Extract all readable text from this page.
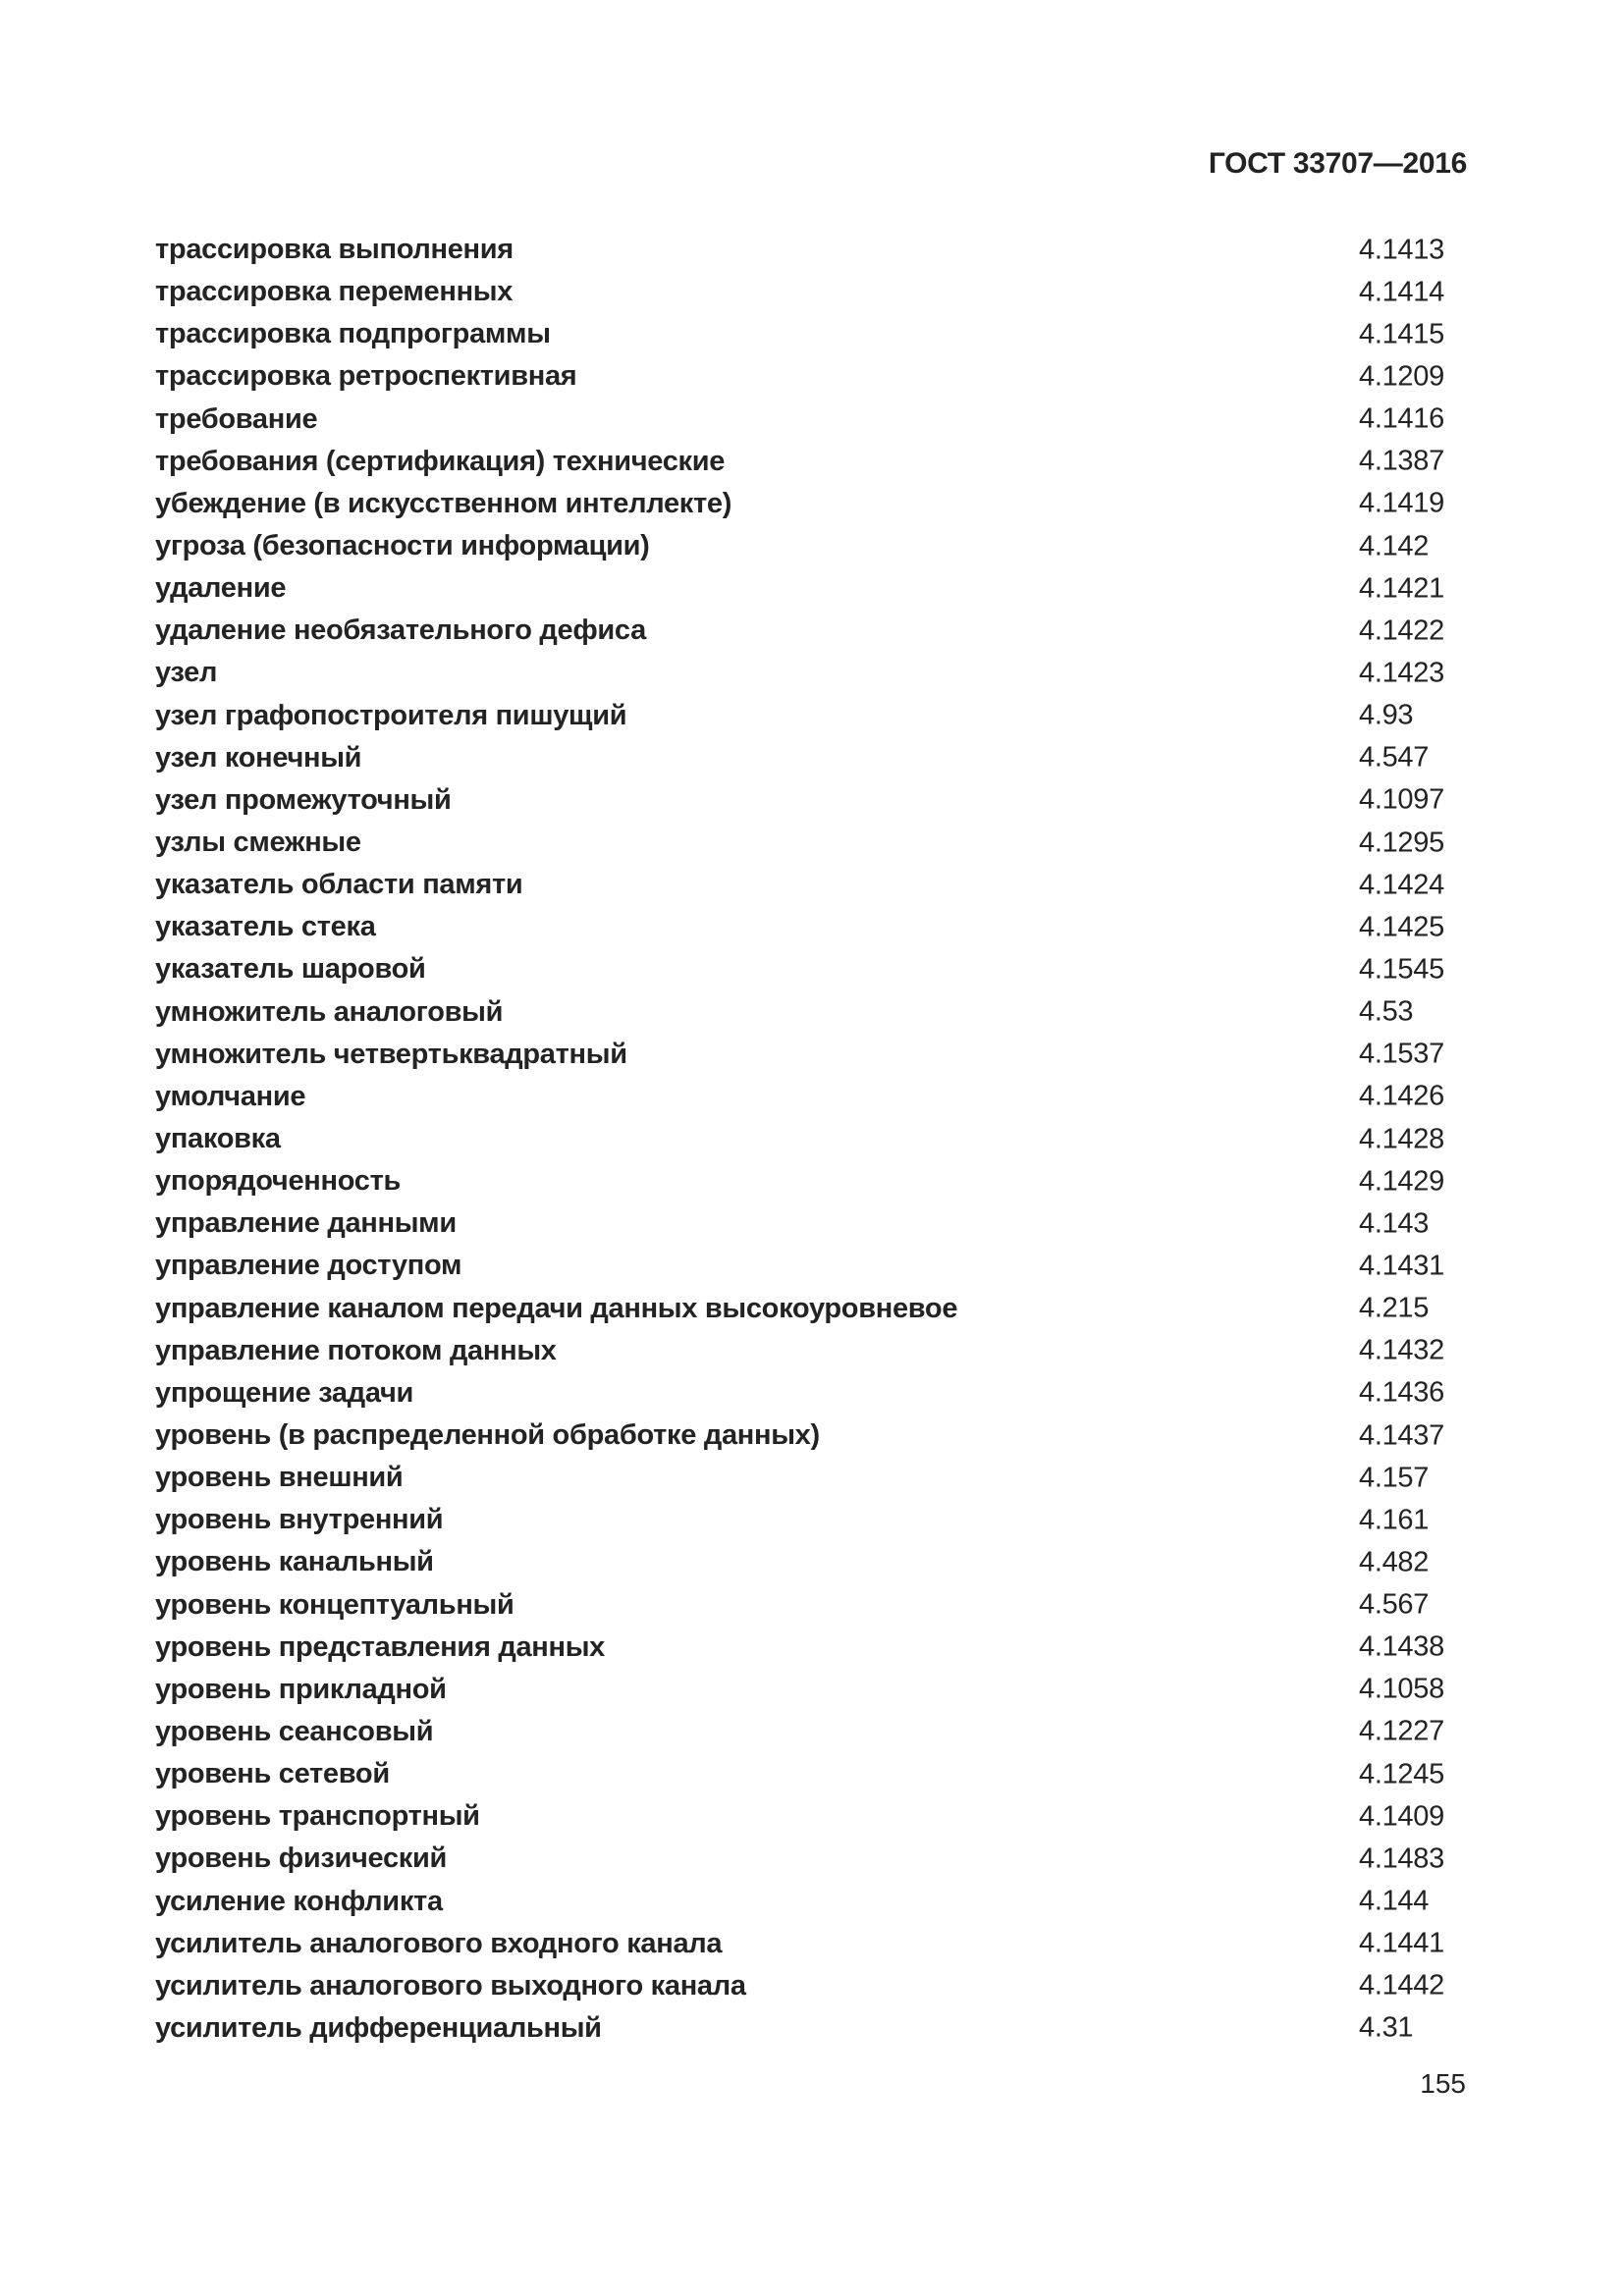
ГОСТ 33707—2016
трассировка выполнения	4.1413
трассировка переменных	4.1414
трассировка подпрограммы	4.1415
трассировка ретроспективная	4.1209
требование	4.1416
требования (сертификация) технические	4.1387
убеждение (в искусственном интеллекте)	4.1419
угроза (безопасности информации)	4.142
удаление	4.1421
удаление необязательного дефиса	4.1422
узел	4.1423
узел графопостроителя пишущий	4.93
узел конечный	4.547
узел промежуточный	4.1097
узлы смежные	4.1295
указатель области памяти	4.1424
указатель стека	4.1425
указатель шаровой	4.1545
умножитель аналоговый	4.53
умножитель четвертьквадратный	4.1537
умолчание	4.1426
упаковка	4.1428
упорядоченность	4.1429
управление данными	4.143
управление доступом	4.1431
управление каналом передачи данных высокоуровневое	4.215
управление потоком данных	4.1432
упрощение задачи	4.1436
уровень (в распределенной обработке данных)	4.1437
уровень внешний	4.157
уровень внутренний	4.161
уровень канальный	4.482
уровень концептуальный	4.567
уровень представления данных	4.1438
уровень прикладной	4.1058
уровень сеансовый	4.1227
уровень сетевой	4.1245
уровень транспортный	4.1409
уровень физический	4.1483
усиление конфликта	4.144
усилитель аналогового входного канала	4.1441
усилитель аналогового выходного канала	4.1442
усилитель дифференциальный	4.31
155
